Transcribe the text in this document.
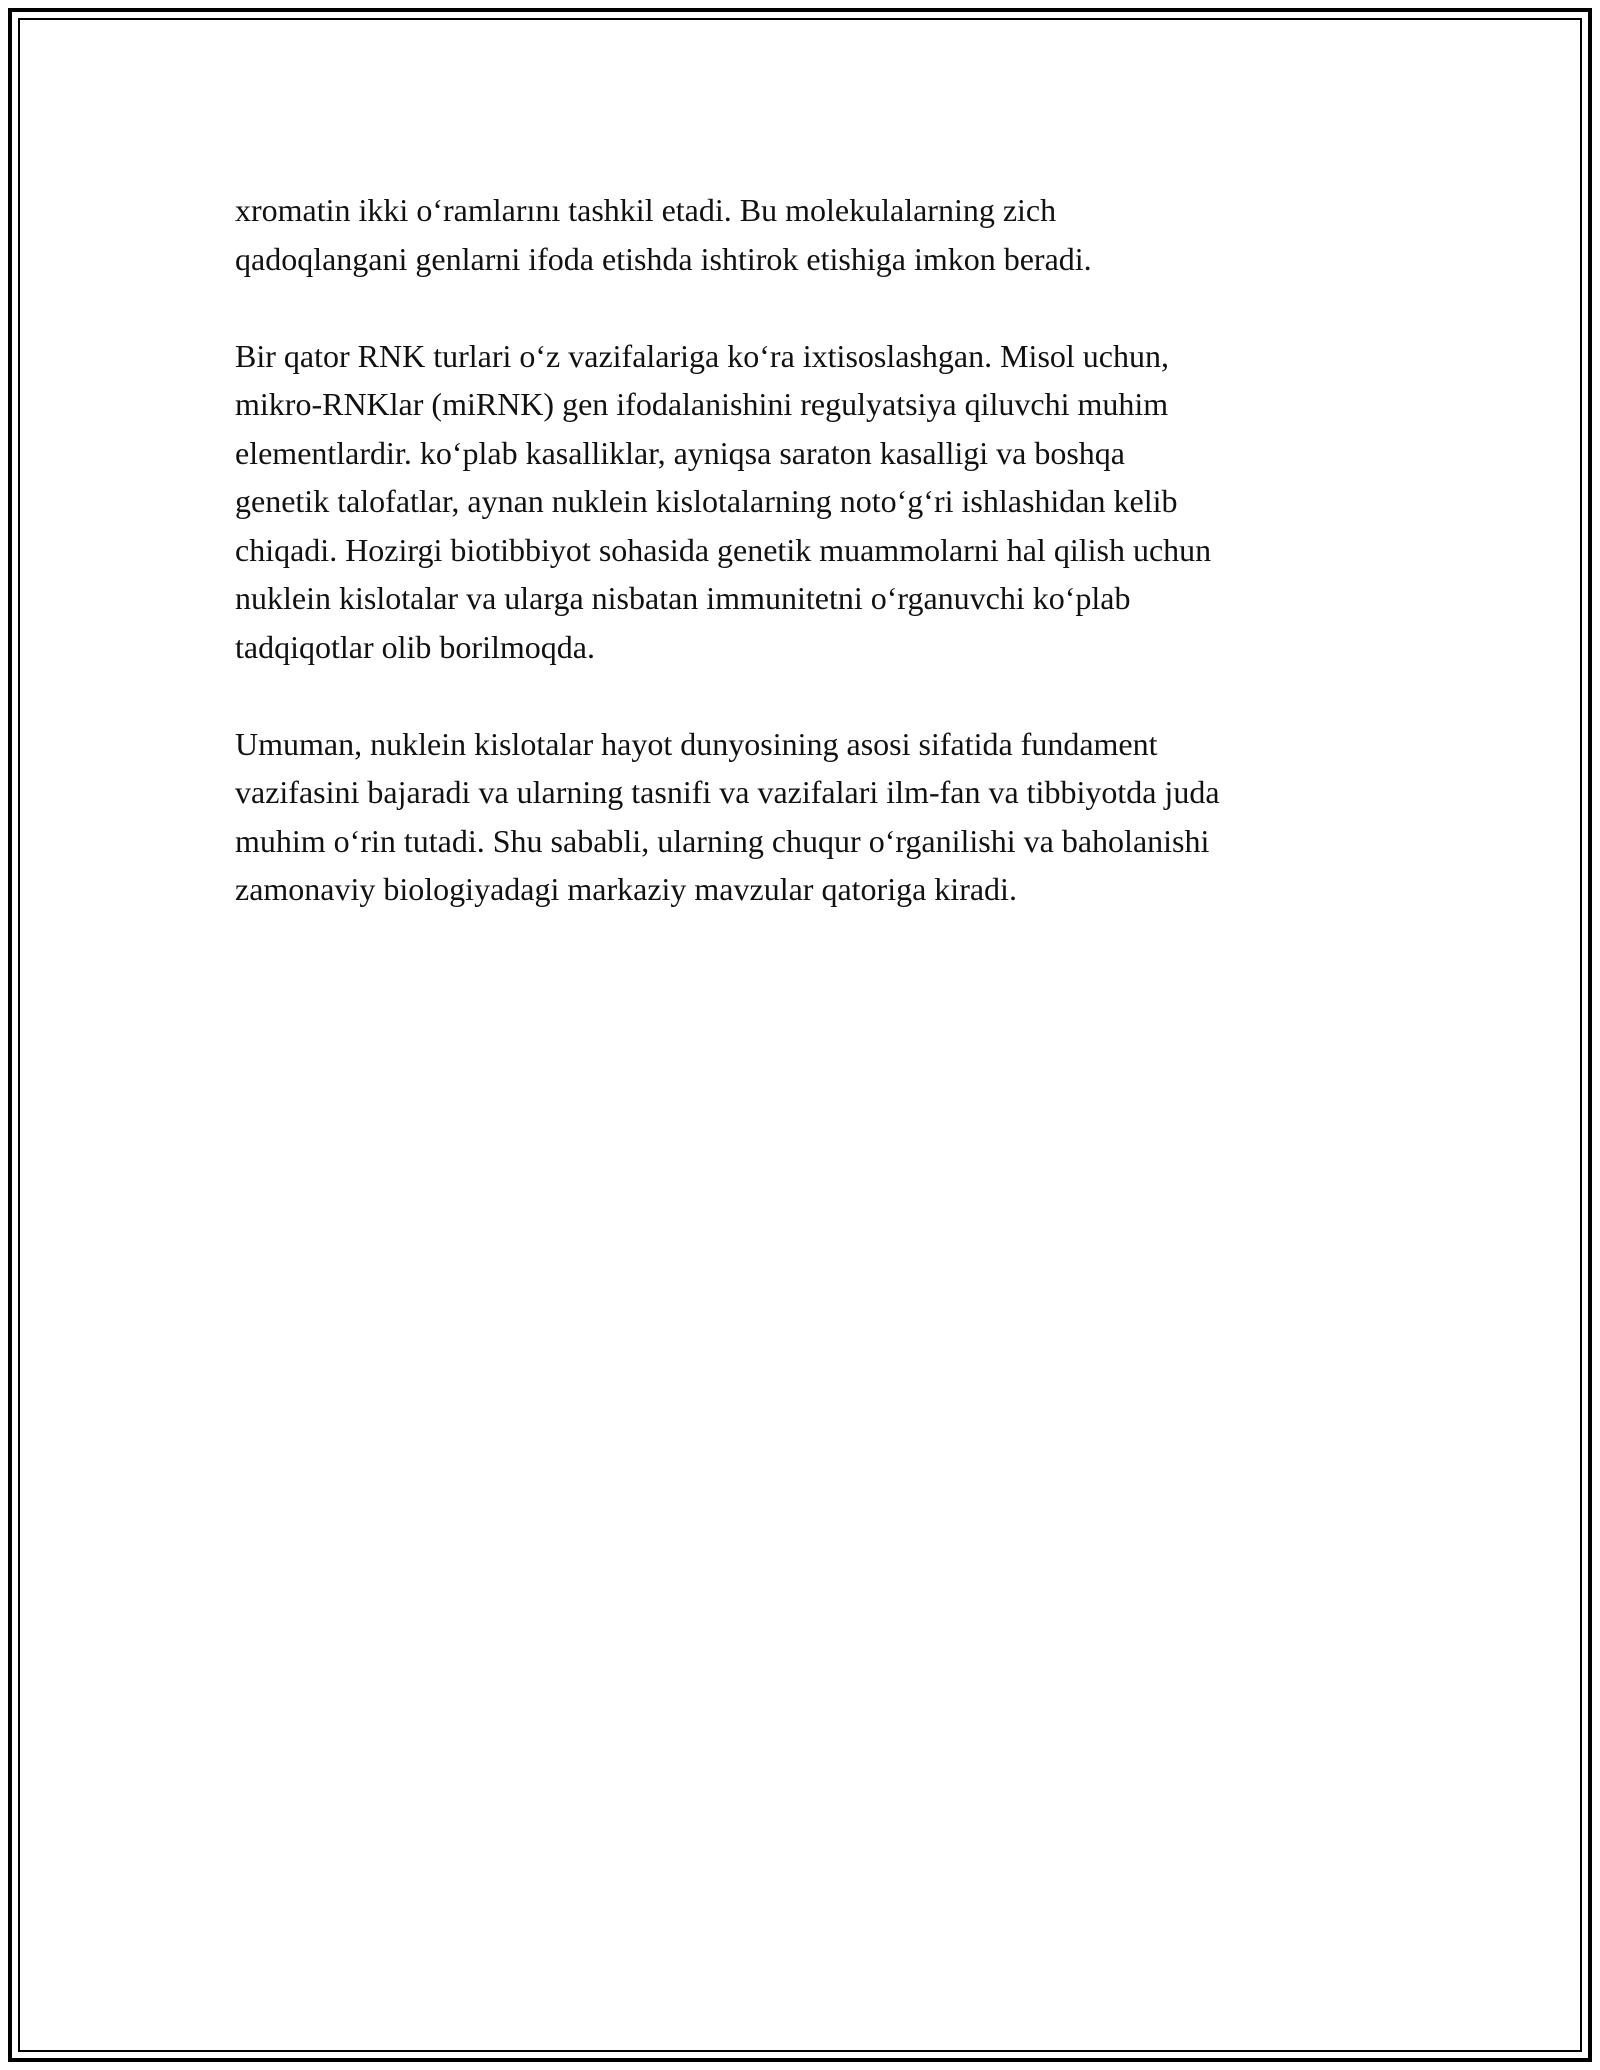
xromatin ikki oʻramlarını tashkil etadi. Bu molekulalarning zich
qadoqlangani genlarni ifoda etishda ishtirok etishiga imkon beradi.

Bir qator RNK turlari oʻz vazifalariga koʻra ixtisoslashgan. Misol uchun,
mikro-RNKlar (miRNK) gen ifodalanishini regulyatsiya qiluvchi muhim
elementlardir. koʻplab kasalliklar, ayniqsa saraton kasalligi va boshqa
genetik talofatlar, aynan nuklein kislotalarning notoʻgʻri ishlashidan kelib
chiqadi. Hozirgi biotibbiyot sohasida genetik muammolarni hal qilish uchun
nuklein kislotalar va ularga nisbatan immunitetni oʻrganuvchi koʻplab
tadqiqotlar olib borilmoqda.

Umuman, nuklein kislotalar hayot dunyosining asosi sifatida fundament
vazifasini bajaradi va ularning tasnifi va vazifalari ilm-fan va tibbiyotda juda
muhim oʻrin tutadi. Shu sababli, ularning chuqur oʻrganilishi va baholanishi
zamonaviy biologiyadagi markaziy mavzular qatoriga kiradi.
